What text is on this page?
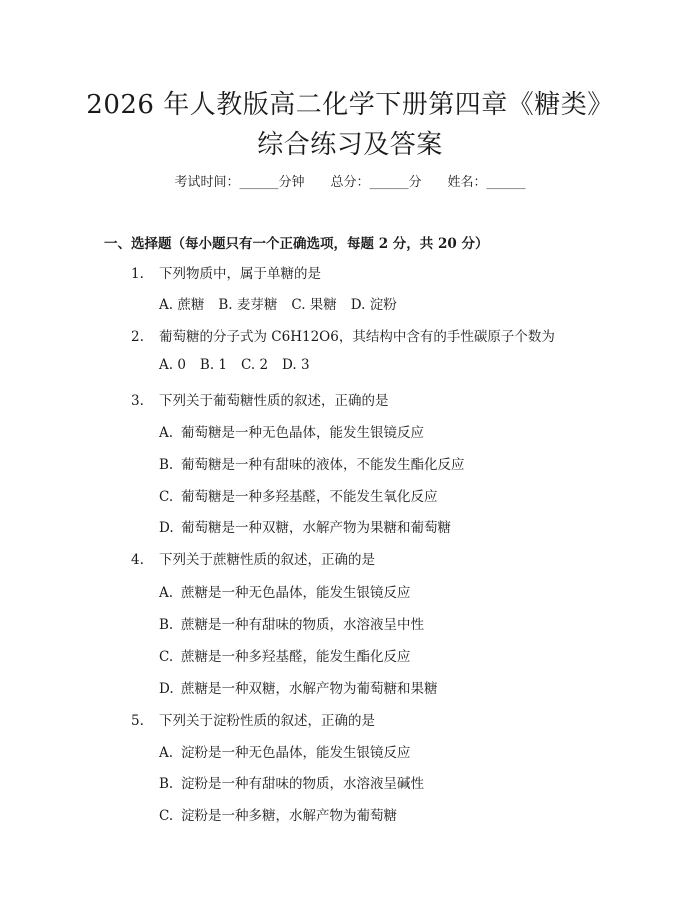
2026 年人教版高二化学下册第四章《糖类》
综合练习及答案
考试时间：______分钟 总分：______分 姓名：______
一、选择题（每小题只有一个正确选项，每题 2 分，共 20 分）
1. 下列物质中，属于单糖的是
A. 蔗糖 B. 麦芽糖 C. 果糖 D. 淀粉
2. 葡萄糖的分子式为 C6H12O6，其结构中含有的手性碳原子个数为
A. 0 B. 1 C. 2 D. 3
3. 下列关于葡萄糖性质的叙述，正确的是
A. 葡萄糖是一种无色晶体，能发生银镜反应
B. 葡萄糖是一种有甜味的液体，不能发生酯化反应
C. 葡萄糖是一种多羟基醛，不能发生氧化反应
D. 葡萄糖是一种双糖，水解产物为果糖和葡萄糖
4. 下列关于蔗糖性质的叙述，正确的是
A. 蔗糖是一种无色晶体，能发生银镜反应
B. 蔗糖是一种有甜味的物质，水溶液呈中性
C. 蔗糖是一种多羟基醛，能发生酯化反应
D. 蔗糖是一种双糖，水解产物为葡萄糖和果糖
5. 下列关于淀粉性质的叙述，正确的是
A. 淀粉是一种无色晶体，能发生银镜反应
B. 淀粉是一种有甜味的物质，水溶液呈碱性
C. 淀粉是一种多糖，水解产物为葡萄糖
